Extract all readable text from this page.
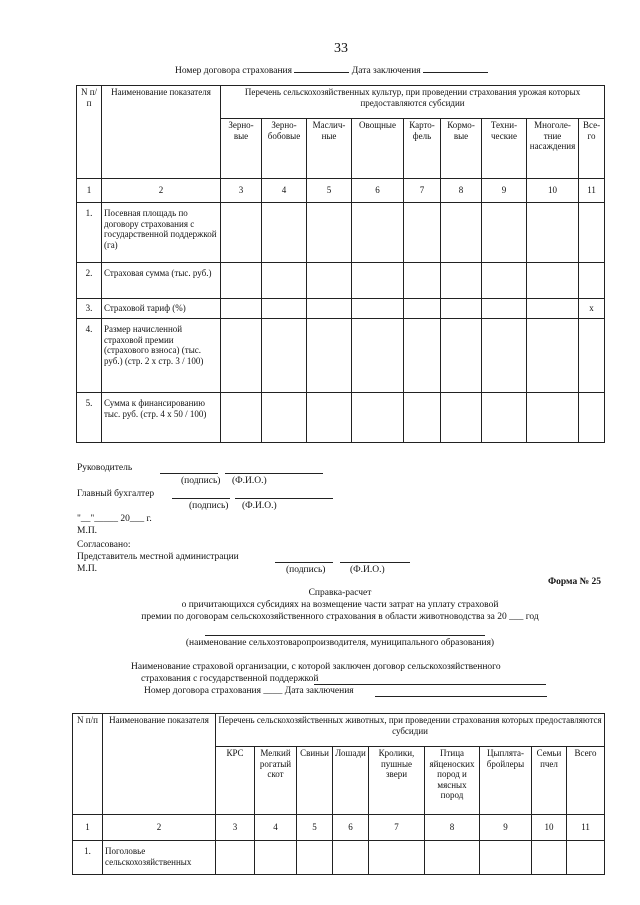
33
Номер договора страхования	Дата заключения
N п/п	Наименование показателя	Перечень сельскохозяйственных культур, при проведении страхования урожая которых предоставляются субсидии								
		Зерновые	Зернобобовые	Масличные	Овощные	Картофель	Кормовые	Технические	Многолетние насаждения	Всего
1	2	3	4	5	6	7	8	9	10	11
1.	Посевная площадь по договору страхования с государственной поддержкой (га)									
2.	Страховая сумма (тыс. руб.)									
3.	Страховой тариф (%)									x
4.	Размер начисленной страховой премии (страхового взноса) (тыс. руб.) (стр. 2 x стр. 3 / 100)									
5.	Сумма к финансированию тыс. руб. (стр. 4 x 50 / 100)									
Руководитель
(подпись) (Ф.И.О.)
Главный бухгалтер
(подпись) (Ф.И.О.)
"__"_____ 20___ г.
М.П.
Согласовано:
Представитель местной администрации
М.П.	(подпись)	(Ф.И.О.)
Форма № 25
Справка-расчет
о причитающихся субсидиях на возмещение части затрат на уплату страховой
премии по договорам сельскохозяйственного страхования в области животноводства за 20 ___ год
(наименование сельхозтоваропроизводителя, муниципального образования)
Наименование страховой организации, с которой заключен договор сельскохозяйственного
страхования с государственной поддержкой
Номер договора страхования ____ Дата заключения
N п/п	Наименование показателя	Перечень сельскохозяйственных животных, при проведении страхования которых предоставляются субсидии								
		КРС	Мелкий рогатый скот	Свиньи	Лошади	Кролики, пушные звери	Птица яйценоских пород и мясных пород	Цыплята-бройлеры	Семьи пчел	Всего
1	2	3	4	5	6	7	8	9	10	11
1.	Поголовье сельскохозяйственных									
